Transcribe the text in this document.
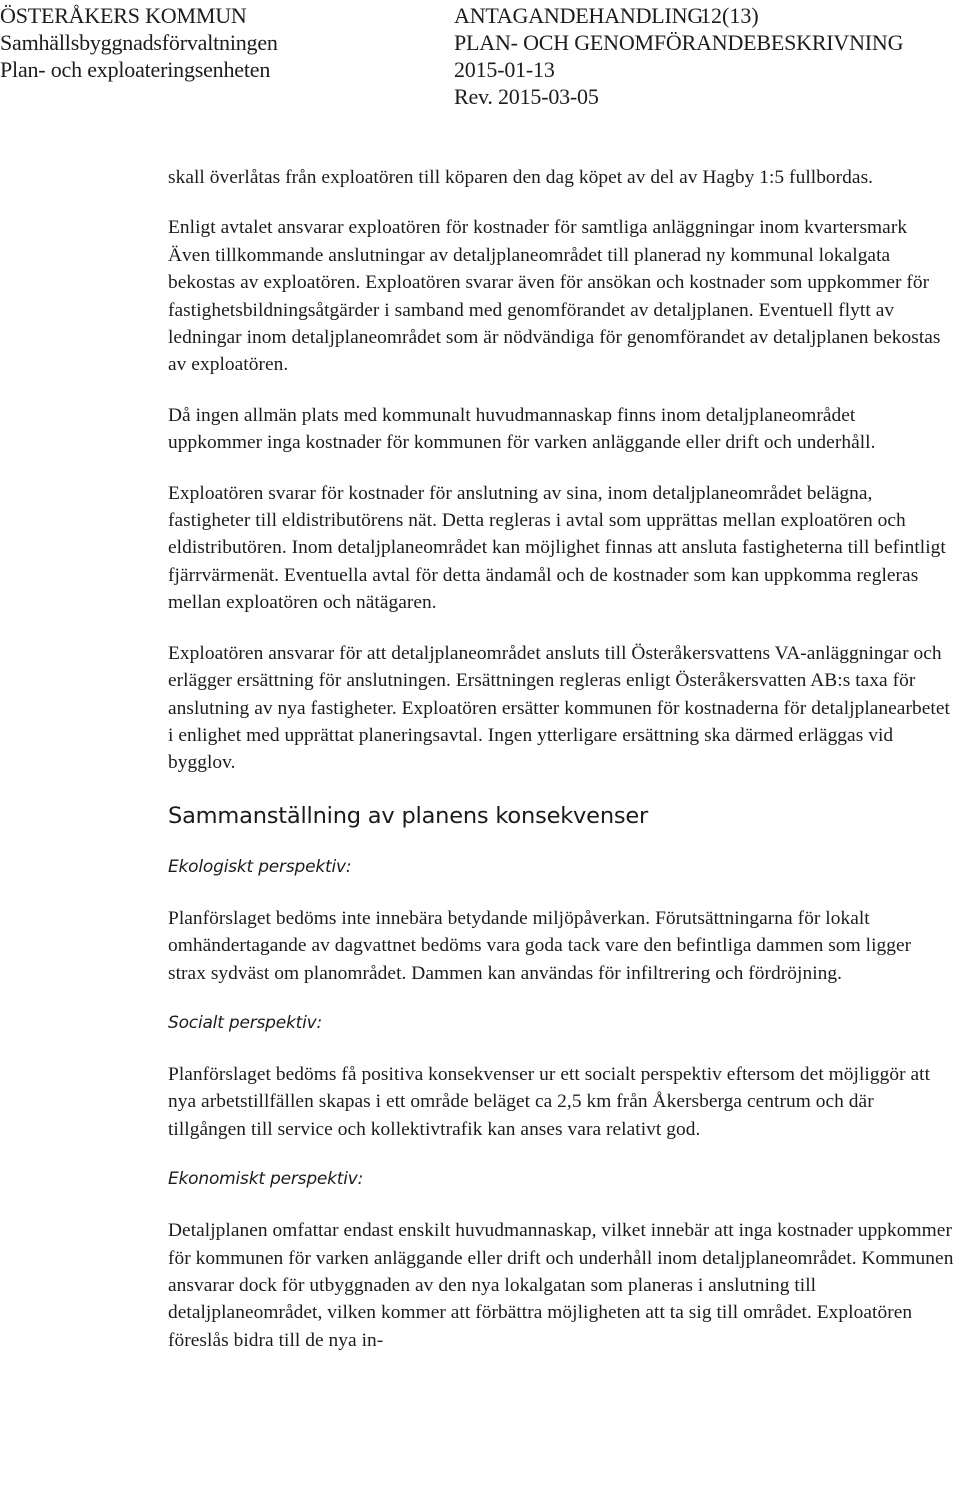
ÖSTERÅKERS KOMMUN
Samhällsbyggnadsförvaltningen
Plan- och exploateringsenheten
ANTAGANDEHANDLING
12(13)
PLAN- OCH GENOMFÖRANDEBESKRIVNING
2015-01-13
Rev. 2015-03-05

skall överlåtas från exploatören till köparen den dag köpet av del av Hagby 1:5 fullbordas.

Enligt avtalet ansvarar exploatören för kostnader för samtliga anläggningar inom kvartersmark Även tillkommande anslutningar av detaljplaneområdet till planerad ny kommunal lokalgata bekostas av exploatören. Exploatören svarar även för ansökan och kostnader som uppkommer för fastighetsbildningsåtgärder i samband med genomförandet av detaljplanen. Eventuell flytt av ledningar inom detaljplaneområdet som är nödvändiga för genomförandet av detaljplanen bekostas av exploatören.

Då ingen allmän plats med kommunalt huvudmannaskap finns inom detaljplaneområdet uppkommer inga kostnader för kommunen för varken anläggande eller drift och underhåll.

Exploatören svarar för kostnader för anslutning av sina, inom detaljplaneområdet belägna, fastigheter till eldistributörens nät. Detta regleras i avtal som upprättas mellan exploatören och eldistributören. Inom detaljplaneområdet kan möjlighet finnas att ansluta fastigheterna till befintligt fjärrvärmenät. Eventuella avtal för detta ändamål och de kostnader som kan uppkomma regleras mellan exploatören och nätägaren.

Exploatören ansvarar för att detaljplaneområdet ansluts till Österåkersvattens VA-anläggningar och erlägger ersättning för anslutningen. Ersättningen regleras enligt Österåkersvatten AB:s taxa för anslutning av nya fastigheter. Exploatören ersätter kommunen för kostnaderna för detaljplanearbetet i enlighet med upprättat planeringsavtal. Ingen ytterligare ersättning ska därmed erläggas vid bygglov.

Sammanställning av planens konsekvenser
Ekologiskt perspektiv:

Planförslaget bedöms inte innebära betydande miljöpåverkan. Förutsättningarna för lokalt omhändertagande av dagvattnet bedöms vara goda tack vare den befintliga dammen som ligger strax sydväst om planområdet. Dammen kan användas för infiltrering och fördröjning.

Socialt perspektiv:

Planförslaget bedöms få positiva konsekvenser ur ett socialt perspektiv eftersom det möjliggör att nya arbetstillfällen skapas i ett område beläget ca 2,5 km från Åkersberga centrum och där tillgången till service och kollektivtrafik kan anses vara relativt god.

Ekonomiskt perspektiv:

Detaljplanen omfattar endast enskilt huvudmannaskap, vilket innebär att inga kostnader uppkommer för kommunen för varken anläggande eller drift och underhåll inom detaljplaneområdet. Kommunen ansvarar dock för utbyggnaden av den nya lokalgatan som planeras i anslutning till detaljplaneområdet, vilken kommer att förbättra möjligheten att ta sig till området. Exploatören föreslås bidra till de nya in-
